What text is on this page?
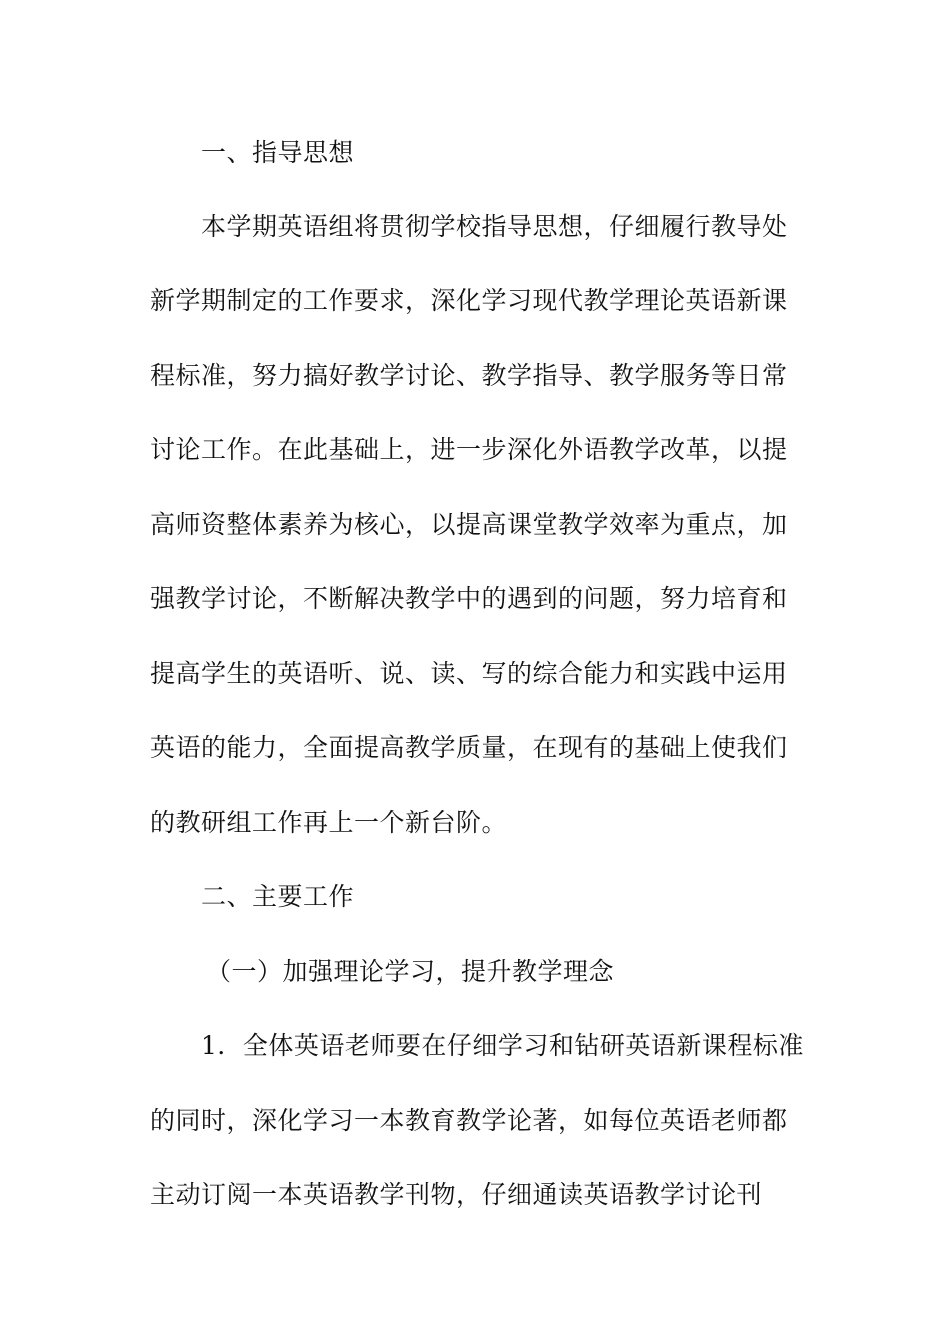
一、指导思想
本学期英语组将贯彻学校指导思想，仔细履行教导处
新学期制定的工作要求，深化学习现代教学理论英语新课
程标准，努力搞好教学讨论、教学指导、教学服务等日常
讨论工作。在此基础上，进一步深化外语教学改革，以提
高师资整体素养为核心，以提高课堂教学效率为重点，加
强教学讨论，不断解决教学中的遇到的问题，努力培育和
提高学生的英语听、说、读、写的综合能力和实践中运用
英语的能力，全面提高教学质量，在现有的基础上使我们
的教研组工作再上一个新台阶。
二、主要工作
（一）加强理论学习，提升教学理念
1．全体英语老师要在仔细学习和钻研英语新课程标准
的同时，深化学习一本教育教学论著，如每位英语老师都
主动订阅一本英语教学刊物，仔细通读英语教学讨论刊
